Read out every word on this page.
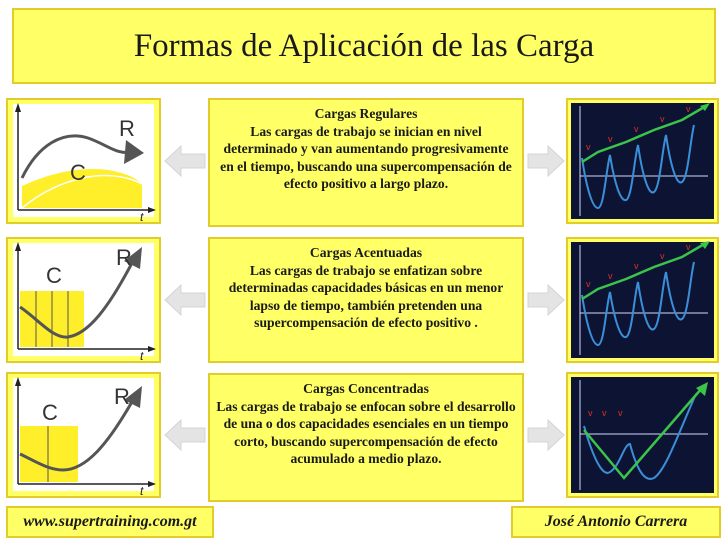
Formas de Aplicación de las Carga
R
C
t
Cargas Regulares
Las cargas de trabajo se inician en nivel determinado y van aumentando progresivamente en el tiempo, buscando una supercompensación de efecto positivo a largo plazo.
v
v
v
v
v
R
C
t
Cargas Acentuadas
Las cargas de trabajo se enfatizan sobre determinadas capacidades básicas en un menor lapso de tiempo, también pretenden una supercompensación de efecto positivo .
v
v
v
v
v
R
C
t
Cargas Concentradas
Las cargas de trabajo se enfocan sobre el desarrollo de una o dos capacidades esenciales en un tiempo corto, buscando supercompensación de efecto acumulado a medio plazo.
v v v
www.supertraining.com.gt	José Antonio Carrera
